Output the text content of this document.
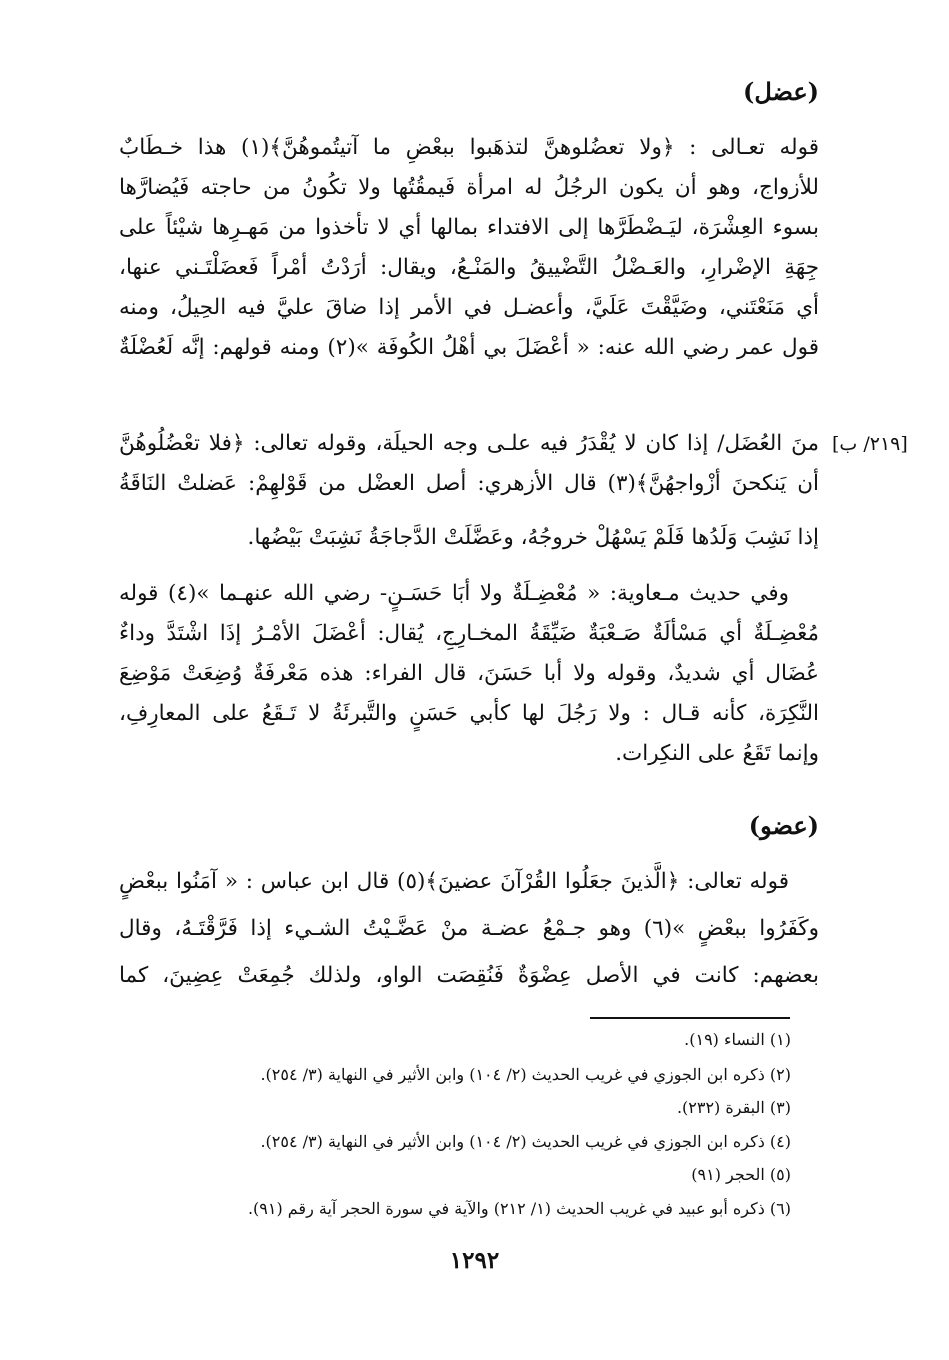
(عضل)
قوله تعـالى : ﴿ولا تعضُلوهنَّ لتذهَبوا ببعْضِ ما آتيتُموهُنَّ﴾(١) هذا خـطَابٌ
للأزواج، وهو أن يكون الرجُلُ له امرأة فَيمقُتُها ولا تكُونُ من حاجته فَيُضارَّها
بسوء العِشْرَة، ليَـضْطَرَّها إلى الافتداء بمالها أي لا تأخذوا من مَهـرِها شيْئاً على
جِهَةِ الإضْرارِ، والعَـضْلُ التَّضْييقُ والمَنْـعُ، ويقال: أرَدْتُ أمْراً فَعضَلْتَـني عنها،
أي مَنَعْتَني، وضَيَّقْتَ عَلَيَّ، وأعضـل في الأمر إذا ضاقَ عليَّ فيه الحِيلُ، ومنه
قول عمر رضي الله عنه: « أعْضَلَ بي أهْلُ الكُوفَة »(٢) ومنه قولهم: إنَّه لَعُضْلَةٌ
منَ العُضَل/ إذا كان لا يُقْدَرُ فيه علـى وجه الحيلَة، وقوله تعالى: ﴿فلا تعْضُلُوهُنَّ [٢١٩/ ب]
أن يَنكحنَ أزْواجهُنَّ﴾(٣) قال الأزهري: أصل العضْل من قَوْلهِمْ: عَضلتْ النَاقَةُ
إذا نَشِبَ وَلَدُها فَلَمْ يَسْهُلْ خروجُهُ، وعَضَّلَتْ الدَّجاجَةُ نَشِبَتْ بَيْضُها.
وفي حديث مـعاوية: « مُعْضِـلَةٌ ولا أبَا حَسَـنٍ- رضي الله عنهـما »(٤) قوله
مُعْضِـلَةٌ أي مَسْألَةٌ صَـعْبَةٌ ضَيِّقَةُ المخـارِجِ، يُقال: أعْضَلَ الأمْـرُ إذَا اشْتَدَّ وداءٌ
عُضَال أي شديدٌ، وقوله ولا أبا حَسَنَ، قال الفراء: هذه مَعْرفَةٌ وُضِعَتْ مَوْضِعَ
النَّكِرَة، كأنه قـال : ولا رَجُلَ لها كأبي حَسَنٍ والتَّبرئَةُ لا تَـقَعُ على المعارِفِ،
وإنما تَقَعُ على النكِرات.
(عضو)
قوله تعالى: ﴿الَّذينَ جعَلُوا القُرْآنَ عضينَ﴾(٥) قال ابن عباس : « آمَنُوا ببعْضٍ
وكَفَرُوا ببعْضٍ »(٦) وهو جـمْعُ عضـة منْ عَضَّـيْتُ الشـيء إذا فَرَّقْتَـهُ، وقال
بعضهم: كانت في الأصل عِضْوَةٌ فَنُقِصَت الواو، ولذلك جُمِعَتْ عِضِينَ، كما
(١) النساء (١٩).
(٢) ذكره ابن الجوزي في غريب الحديث (٢/ ١٠٤) وابن الأثير في النهاية (٣/ ٢٥٤).
(٣) البقرة (٢٣٢).
(٤) ذكره ابن الجوزي في غريب الحديث (٢/ ١٠٤) وابن الأثير في النهاية (٣/ ٢٥٤).
(٥) الحجر (٩١)
(٦) ذكره أبو عبيد في غريب الحديث (١/ ٢١٢) والآية في سورة الحجر آية رقم (٩١).
١٢٩٢
